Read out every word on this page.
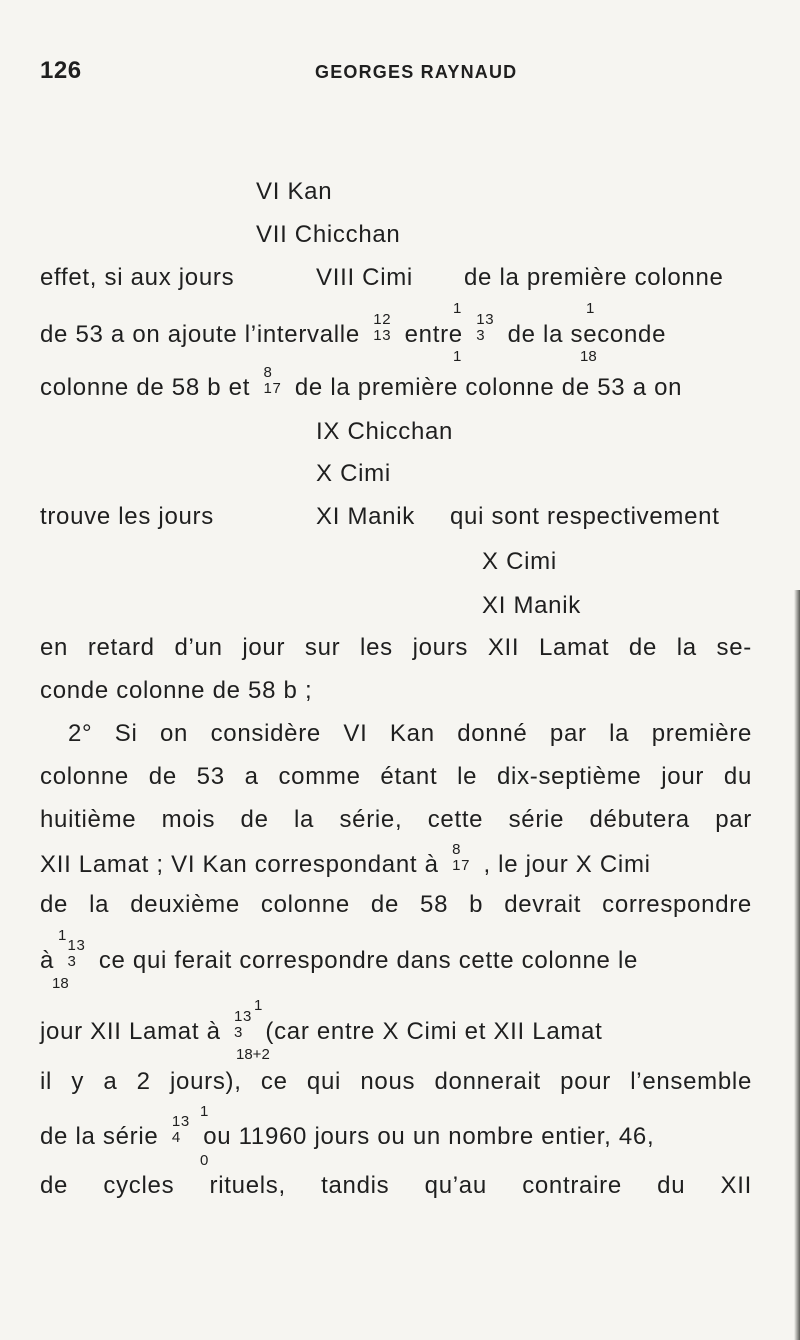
126	GEORGES RAYNAUD
VI Kan
VII Chicchan
effet, si aux jours	VIII Cimi de la première colonne
1	1
de 53 a on ajoute l’intervalle
12
13 entre
13
3 de la seconde
1	18
colonne de 58 b et
8
17 de la première colonne de 53 a on
IX Chicchan
X Cimi
trouve les jours	XI Manik qui sont respectivement
X Cimi
XI Manik
en retard d’un jour sur les jours XII Lamat de la se-
conde colonne de 58 b ;
2° Si on considère VI Kan donné par la première
colonne de 53 a comme étant le dix-septième jour du
huitième mois de la série, cette série débutera par
XII Lamat ; VI Kan correspondant à
8
17 , le jour X Cimi
de la deuxième colonne de 58 b devrait correspondre
1
à
13
3 ce qui ferait correspondre dans cette colonne le
18
1
jour XII Lamat à
13
3 (car entre X Cimi et XII Lamat
18+2
il y a 2 jours), ce qui nous donnerait pour l’ensemble
1
de la série
13
4 ou 11960 jours ou un nombre entier, 46,
0
de cycles rituels, tandis qu’au contraire du XII
